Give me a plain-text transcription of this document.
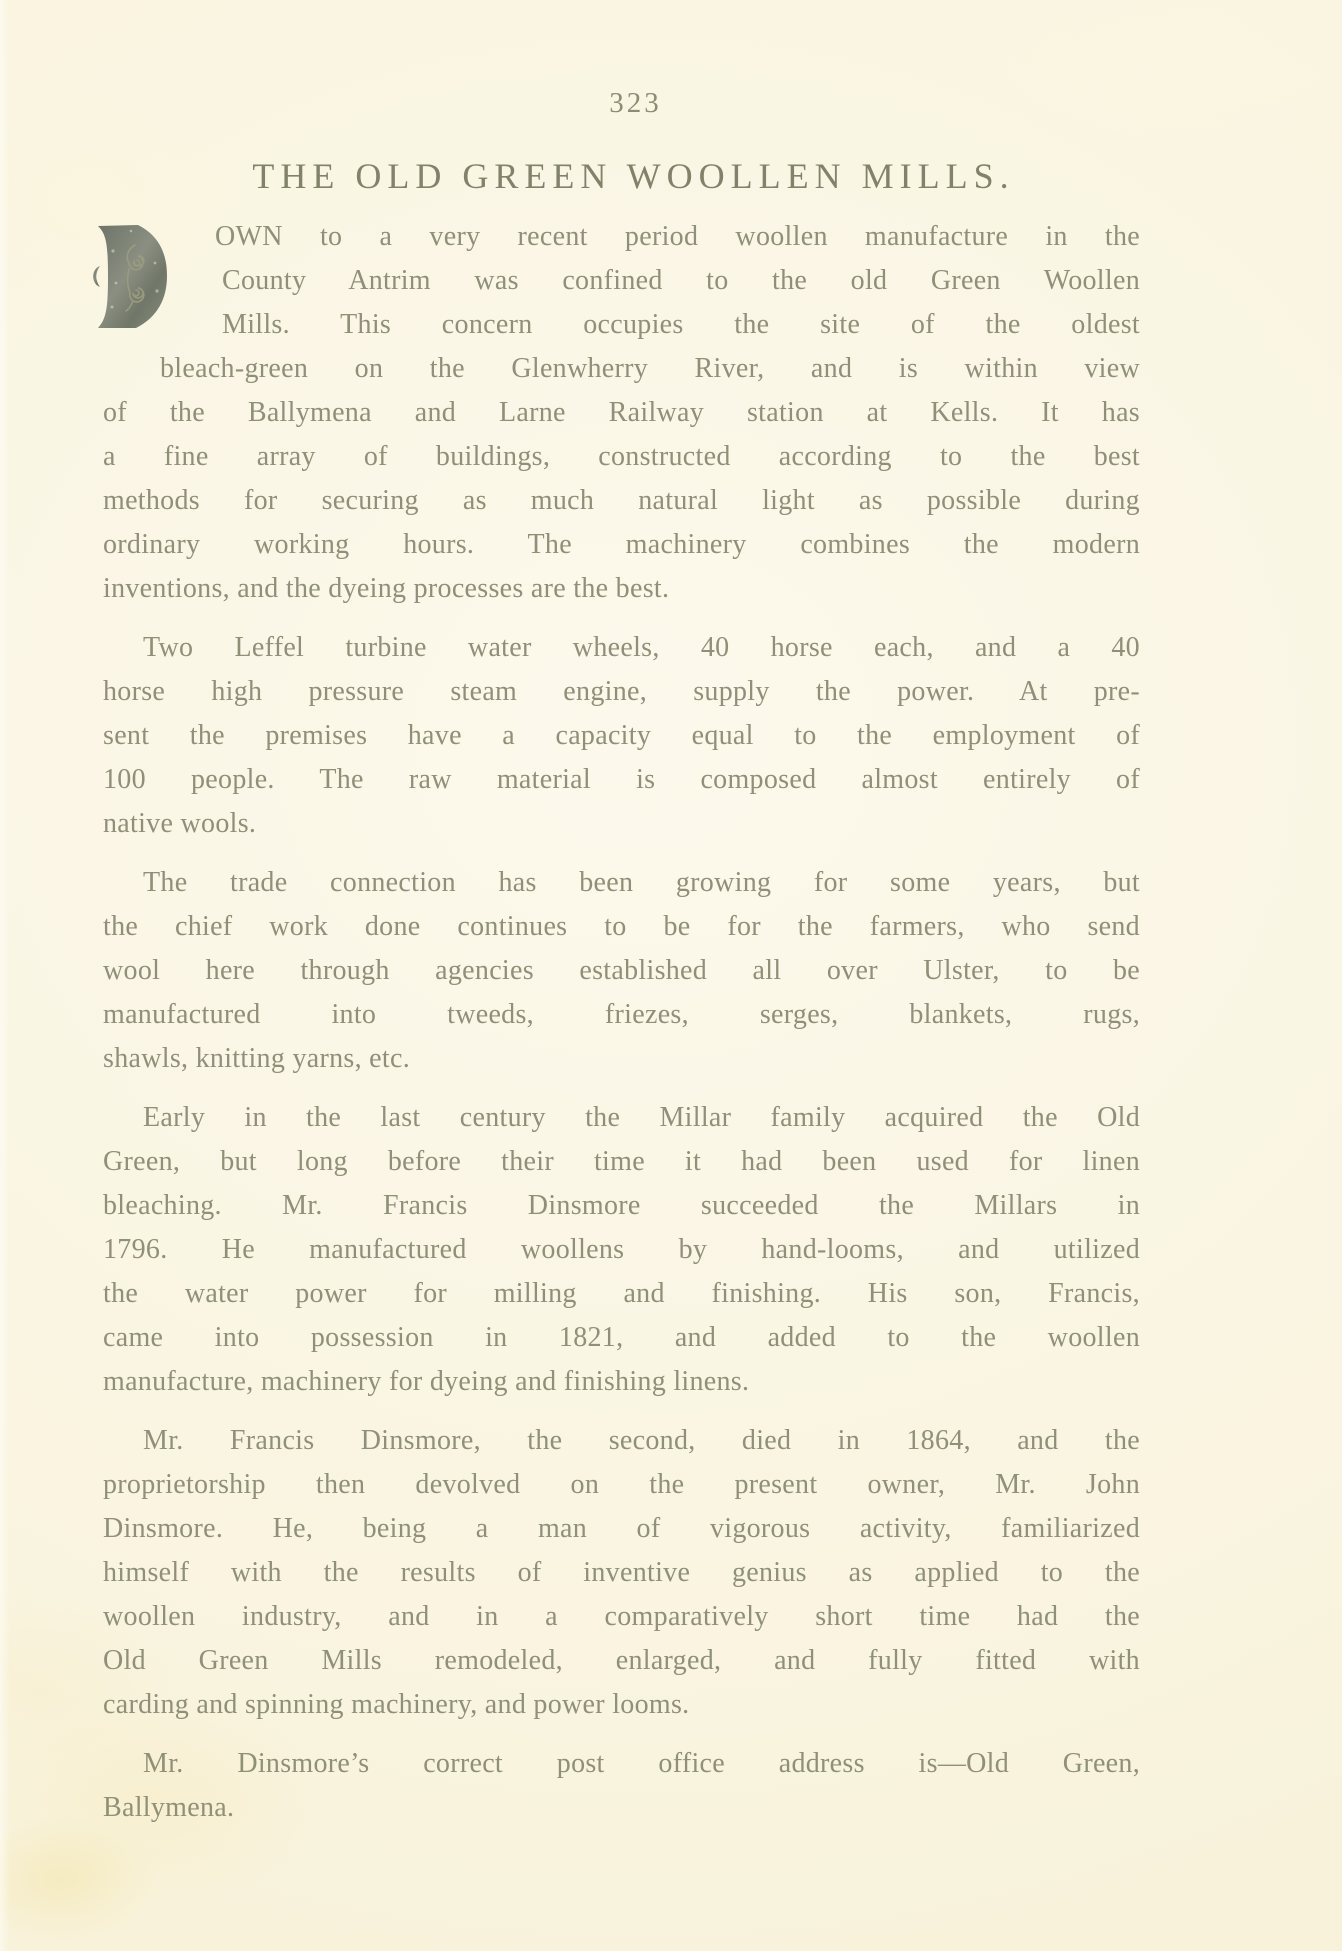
323
THE OLD GREEN WOOLLEN MILLS.
OWN to a very recent period woollen manufacture in the
County Antrim was confined to the old Green Woollen
Mills. This concern occupies the site of the oldest
bleach-green on the Glenwherry River, and is within view
of the Ballymena and Larne Railway station at Kells. It has
a fine array of buildings, constructed according to the best
methods for securing as much natural light as possible during
ordinary working hours. The machinery combines the modern
inventions, and the dyeing processes are the best.
Two Leffel turbine water wheels, 40 horse each, and a 40
horse high pressure steam engine, supply the power. At pre-
sent the premises have a capacity equal to the employment of
100 people. The raw material is composed almost entirely of
native wools.
The trade connection has been growing for some years, but
the chief work done continues to be for the farmers, who send
wool here through agencies established all over Ulster, to be
manufactured into tweeds, friezes, serges, blankets, rugs,
shawls, knitting yarns, etc.
Early in the last century the Millar family acquired the Old
Green, but long before their time it had been used for linen
bleaching. Mr. Francis Dinsmore succeeded the Millars in
1796. He manufactured woollens by hand-looms, and utilized
the water power for milling and finishing. His son, Francis,
came into possession in 1821, and added to the woollen
manufacture, machinery for dyeing and finishing linens.
Mr. Francis Dinsmore, the second, died in 1864, and the
proprietorship then devolved on the present owner, Mr. John
Dinsmore. He, being a man of vigorous activity, familiarized
himself with the results of inventive genius as applied to the
woollen industry, and in a comparatively short time had the
Old Green Mills remodeled, enlarged, and fully fitted with
carding and spinning machinery, and power looms.
Mr. Dinsmore’s correct post office address is—Old Green,
Ballymena.
